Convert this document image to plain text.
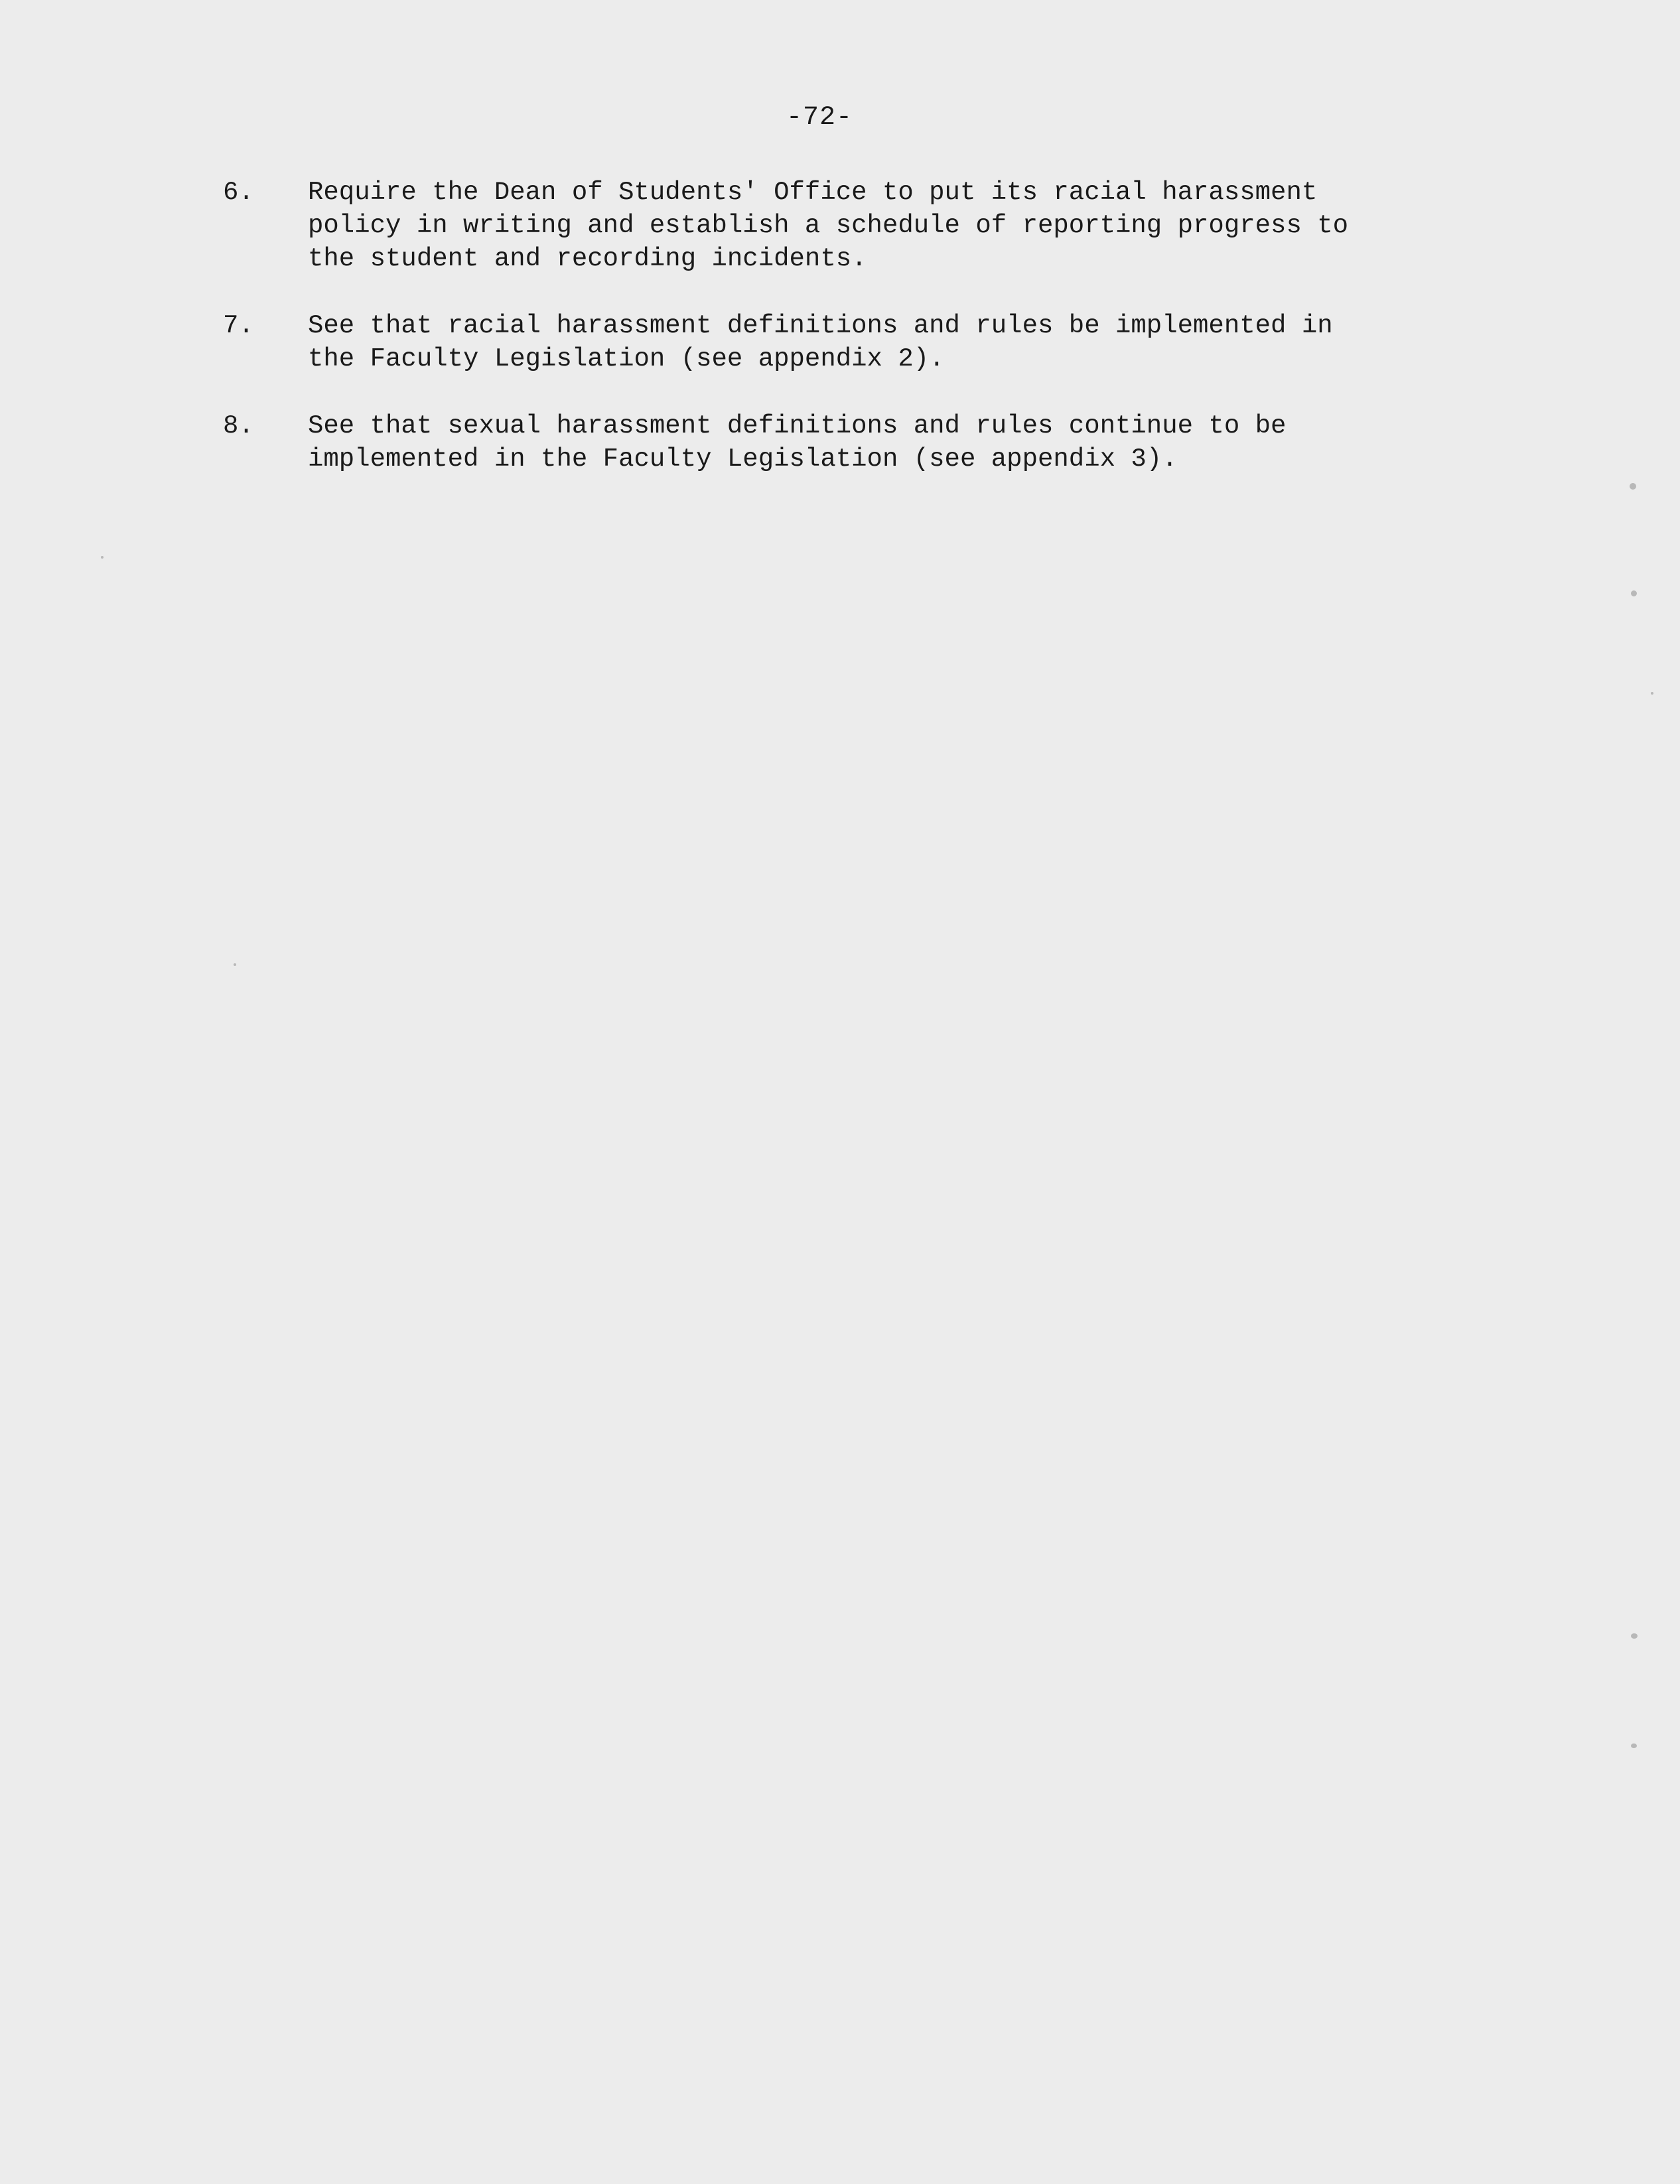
-72-
6. Require the Dean of Students' Office to put its racial harassment
policy in writing and establish a schedule of reporting progress to
the student and recording incidents.
7. See that racial harassment definitions and rules be implemented in
the Faculty Legislation (see appendix 2).
8. See that sexual harassment definitions and rules continue to be
implemented in the Faculty Legislation (see appendix 3).
